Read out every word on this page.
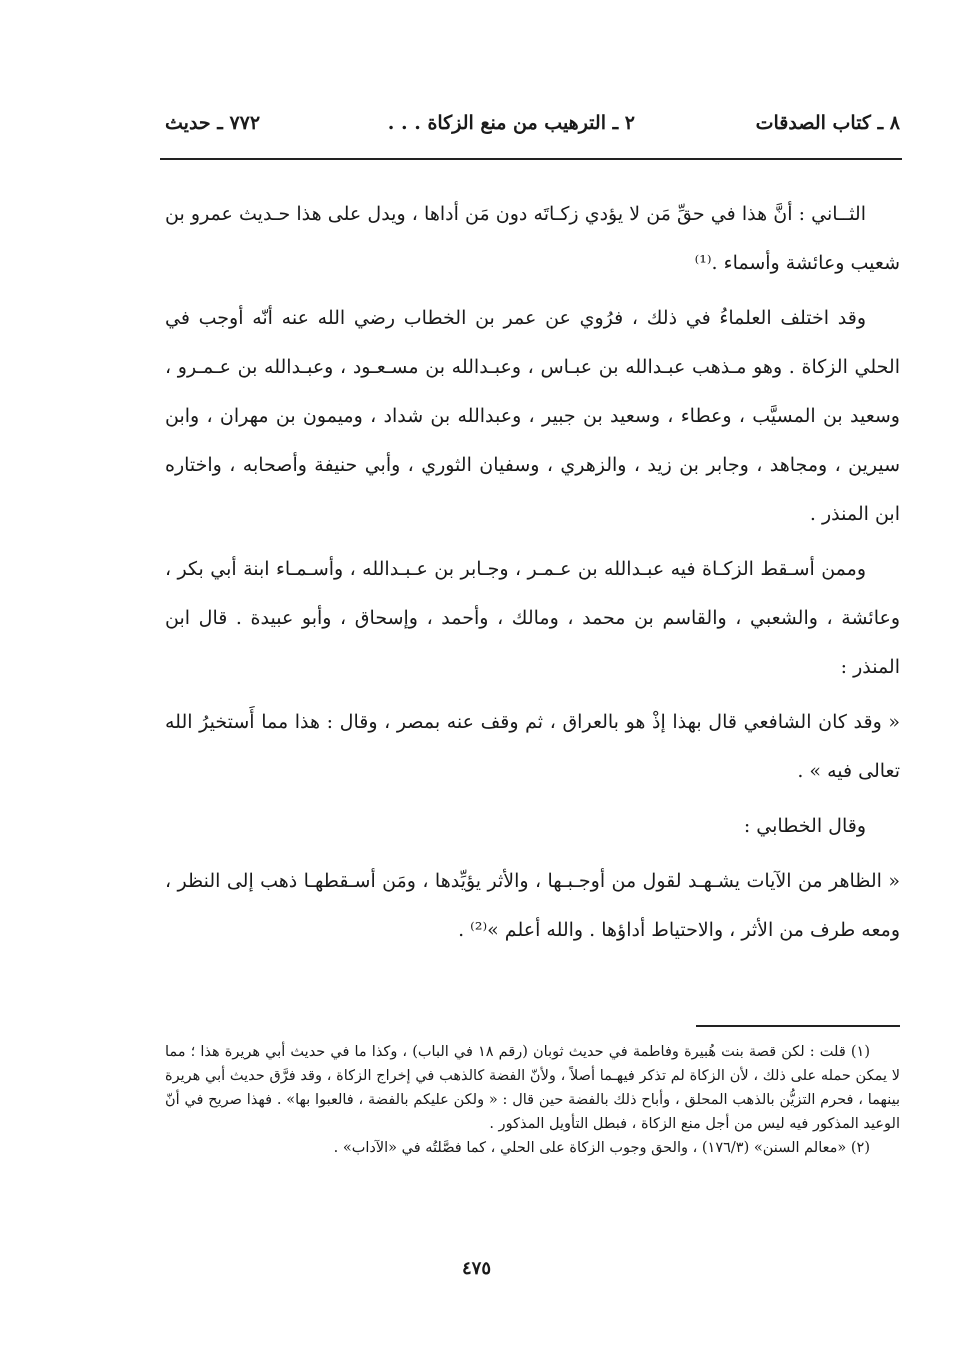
٨ ـ كتاب الصدقات
٢ ـ الترهيب من منع الزكاة . . .
٧٧٢ ـ حديث

الثــاني : أنَّ هذا في حقِّ مَن لا يؤدي زكـاتَه دون مَن أداها ، ويدل على هذا حـديث عمرو بن شعيب وعائشة وأسماء .⁽¹⁾

وقد اختلف العلماءُ في ذلك ، فرُوي عن عمر بن الخطاب رضي الله عنه أنّه أوجب في الحلي الزكاة . وهو مـذهب عبـدالله بن عبـاس ، وعبـدالله بن مسـعـود ، وعبـدالله بن عـمـرو ، وسعيد بن المسيَّب ، وعطاء ، وسعيد بن جبير ، وعبدالله بن شداد ، وميمون بن مهران ، وابن سيرين ، ومجاهد ، وجابر بن زيد ، والزهري ، وسفيان الثوري ، وأبي حنيفة وأصحابه ، واختاره ابن المنذر .

وممن أسـقط الزكـاة فيه عبـدالله بن عـمـر ، وجـابر بن عـبـدالله ، وأسـمـاء ابنة أبي بكر ، وعائشة ، والشعبي ، والقاسم بن محمد ، ومالك ، وأحمد ، وإسحاق ، وأبو عبيدة . قال ابن المنذر :

« وقد كان الشافعي قال بهذا إذْ هو بالعراق ، ثم وقف عنه بمصر ، وقال : هذا مما أَستخيرُ الله تعالى فيه » .

وقال الخطابي :

« الظاهر من الآيات يشـهـد لقول من أوجـبـها ، والأثر يؤيِّدها ، ومَن أسـقطهـا ذهب إلى النظر ، ومعه طرف من الأثر ، والاحتياط أداؤها . والله أعلم »⁽²⁾ .

(١) قلت : لكن قصة بنت هُبيرة وفاطمة في حديث ثوبان (رقم ١٨ في الباب) ، وكذا ما في حديث أبي هريرة هذا ؛ مما لا يمكن حمله على ذلك ، لأن الزكاة لم تذكر فيهـما أصلاً ، ولأنّ الفضة كالذهب في إخراج الزكاة ، وقد فرَّق حديث أبي هريرة بينهما ، فحرم التزيُّن بالذهب المحلق ، وأباح ذلك بالفضة حين قال : « ولكن عليكم بالفضة ، فالعبوا بها» . فهذا صريح في أنّ الوعيد المذكور فيه ليس من أجل منع الزكاة ، فبطل التأويل المذكور .

(٢) «معالم السنن» (١٧٦/٣) ، والحق وجوب الزكاة على الحلي ، كما فصَّلتُه في «الآداب» .

٤٧٥
